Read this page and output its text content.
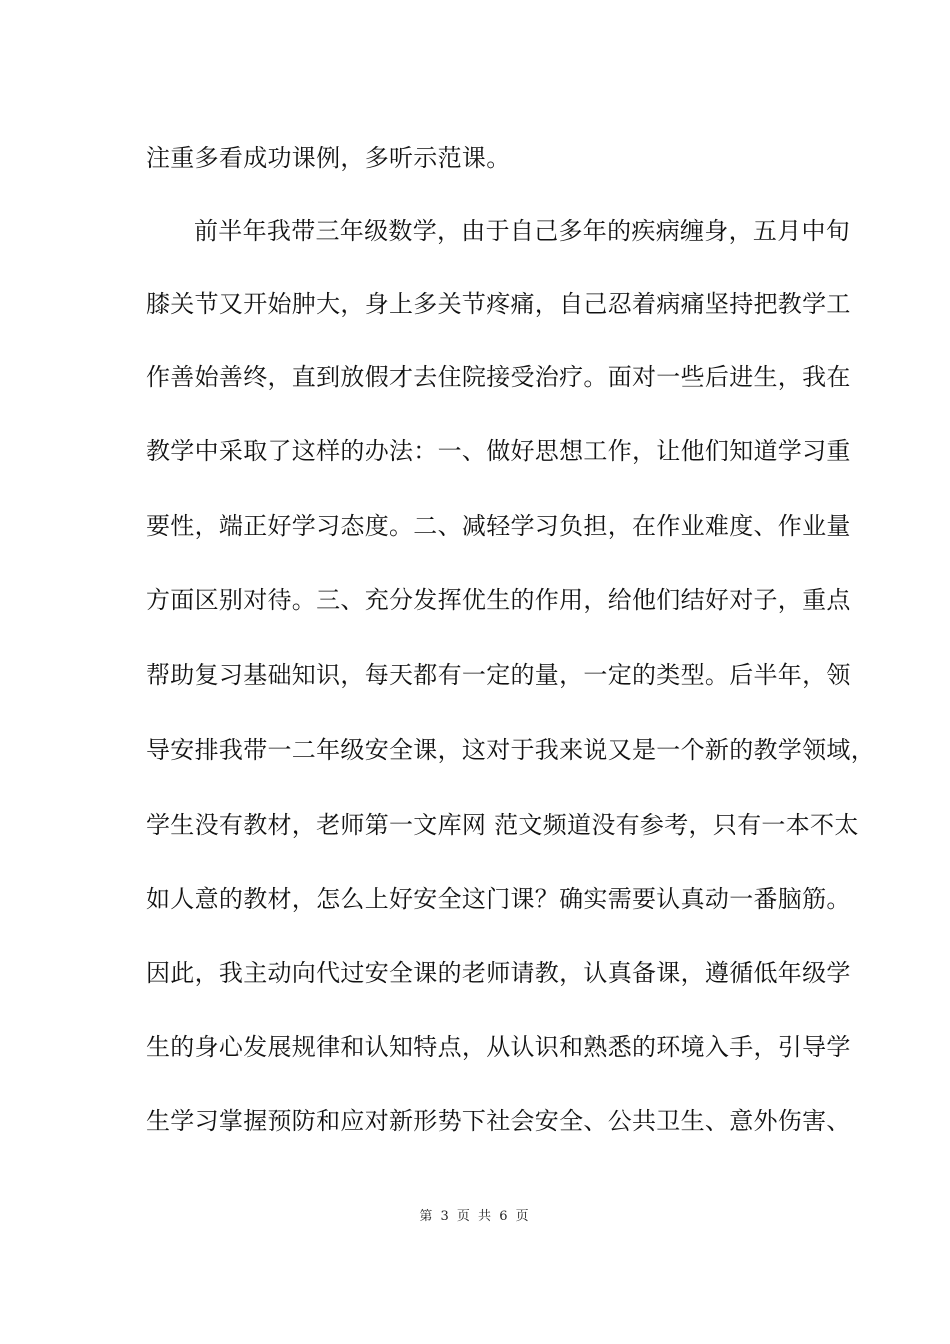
注重多看成功课例，多听示范课。
前半年我带三年级数学，由于自己多年的疾病缠身，五月中旬
膝关节又开始肿大，身上多关节疼痛，自己忍着病痛坚持把教学工
作善始善终，直到放假才去住院接受治疗。面对一些后进生，我在
教学中采取了这样的办法：一、做好思想工作，让他们知道学习重
要性，端正好学习态度。二、减轻学习负担，在作业难度、作业量
方面区别对待。三、充分发挥优生的作用，给他们结好对子，重点
帮助复习基础知识，每天都有一定的量，一定的类型。后半年，领
导安排我带一二年级安全课，这对于我来说又是一个新的教学领域，
学生没有教材，老师第一文库网 范文频道没有参考，只有一本不太
如人意的教材，怎么上好安全这门课？确实需要认真动一番脑筋。
因此，我主动向代过安全课的老师请教，认真备课，遵循低年级学
生的身心发展规律和认知特点，从认识和熟悉的环境入手，引导学
生学习掌握预防和应对新形势下社会安全、公共卫生、意外伤害、
第 3 页 共 6 页
